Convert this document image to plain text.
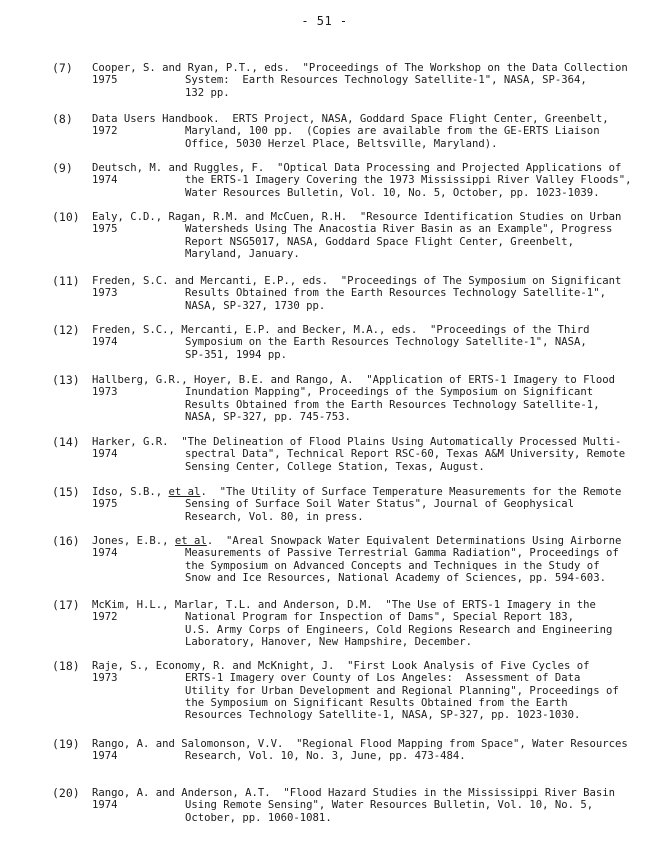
- 51 -
(7) Cooper, S. and Ryan, P.T., eds.  "Proceedings of The Workshop on the Data Collection
1975	System:  Earth Resources Technology Satellite-1", NASA, SP-364,
132 pp.
(8) Data Users Handbook.  ERTS Project, NASA, Goddard Space Flight Center, Greenbelt,
1972	Maryland, 100 pp.  (Copies are available from the GE-ERTS Liaison
Office, 5030 Herzel Place, Beltsville, Maryland).
(9) Deutsch, M. and Ruggles, F.  "Optical Data Processing and Projected Applications of
1974	the ERTS-1 Imagery Covering the 1973 Mississippi River Valley Floods",
Water Resources Bulletin, Vol. 10, No. 5, October, pp. 1023-1039.
(10) Ealy, C.D., Ragan, R.M. and McCuen, R.H.  "Resource Identification Studies on Urban
1975	Watersheds Using The Anacostia River Basin as an Example", Progress
Report NSG5017, NASA, Goddard Space Flight Center, Greenbelt,
Maryland, January.
(11) Freden, S.C. and Mercanti, E.P., eds.  "Proceedings of The Symposium on Significant
1973	Results Obtained from the Earth Resources Technology Satellite-1",
NASA, SP-327, 1730 pp.
(12) Freden, S.C., Mercanti, E.P. and Becker, M.A., eds.  "Proceedings of the Third
1974	Symposium on the Earth Resources Technology Satellite-1", NASA,
SP-351, 1994 pp.
(13) Hallberg, G.R., Hoyer, B.E. and Rango, A.  "Application of ERTS-1 Imagery to Flood
1973	Inundation Mapping", Proceedings of the Symposium on Significant
Results Obtained from the Earth Resources Technology Satellite-1,
NASA, SP-327, pp. 745-753.
(14) Harker, G.R.  "The Delineation of Flood Plains Using Automatically Processed Multi-
1974	spectral Data", Technical Report RSC-60, Texas A&M University, Remote
Sensing Center, College Station, Texas, August.
(15) Idso, S.B., et al.  "The Utility of Surface Temperature Measurements for the Remote
1975	Sensing of Surface Soil Water Status", Journal of Geophysical
Research, Vol. 80, in press.
(16) Jones, E.B., et al.  "Areal Snowpack Water Equivalent Determinations Using Airborne
1974	Measurements of Passive Terrestrial Gamma Radiation", Proceedings of
the Symposium on Advanced Concepts and Techniques in the Study of
Snow and Ice Resources, National Academy of Sciences, pp. 594-603.
(17) McKim, H.L., Marlar, T.L. and Anderson, D.M.  "The Use of ERTS-1 Imagery in the
1972	National Program for Inspection of Dams", Special Report 183,
U.S. Army Corps of Engineers, Cold Regions Research and Engineering
Laboratory, Hanover, New Hampshire, December.
(18) Raje, S., Economy, R. and McKnight, J.  "First Look Analysis of Five Cycles of
1973	ERTS-1 Imagery over County of Los Angeles:  Assessment of Data
Utility for Urban Development and Regional Planning", Proceedings of
the Symposium on Significant Results Obtained from the Earth
Resources Technology Satellite-1, NASA, SP-327, pp. 1023-1030.
(19) Rango, A. and Salomonson, V.V.  "Regional Flood Mapping from Space", Water Resources
1974	Research, Vol. 10, No. 3, June, pp. 473-484.
(20) Rango, A. and Anderson, A.T.  "Flood Hazard Studies in the Mississippi River Basin
1974	Using Remote Sensing", Water Resources Bulletin, Vol. 10, No. 5,
October, pp. 1060-1081.
